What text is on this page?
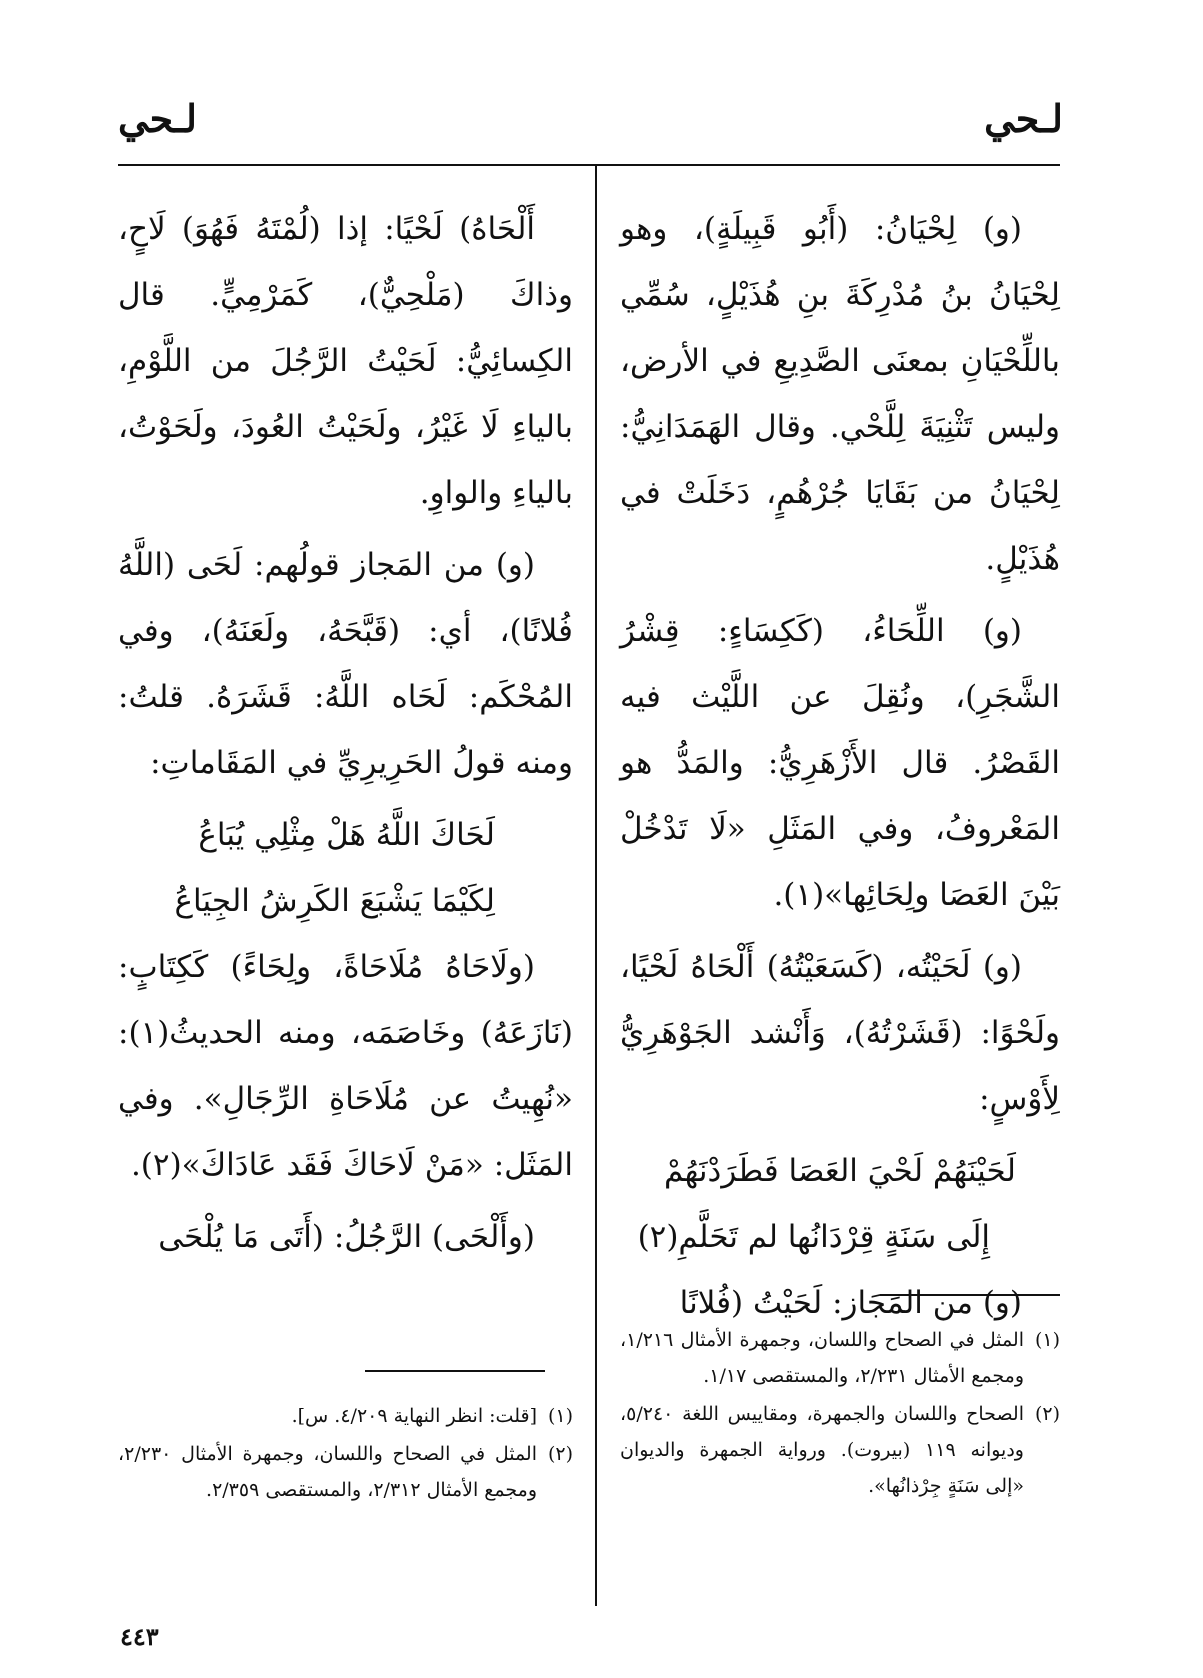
لـحي
لـحي

(و) لِحْيَانُ: (أَبُو قَبِيلَةٍ)، وهو لِحْيَانُ بنُ مُدْرِكَةَ بنِ هُذَيْلٍ، سُمِّي باللِّحْيَانِ بمعنَى الصَّدِيعِ في الأرض، وليس تَثْنِيَةَ لِلَّحْي. وقال الهَمَدَانِيُّ: لِحْيَانُ من بَقَايَا جُرْهُمٍ، دَخَلَتْ في هُذَيْلٍ.

(و) اللِّحَاءُ، (كَكِسَاءٍ: قِشْرُ الشَّجَرِ)، ونُقِلَ عن اللَّيْث فيه القَصْرُ. قال الأَزْهَرِيُّ: والمَدُّ هو المَعْروفُ، وفي المَثَلِ «لَا تَدْخُلْ بَيْنَ العَصَا ولِحَائِها»(١).

(و) لَحَيْتُه، (كَسَعَيْتُهُ) أَلْحَاهُ لَحْيًا، ولَحْوًا: (قَشَرْتُهُ)، وَأَنْشد الجَوْهَرِيُّ لِأَوْسٍ:

لَحَيْنَهُمْ لَحْيَ العَصَا فَطَرَدْنَهُمْ

إِلَى سَنَةٍ قِرْدَانُها لم تَحَلَّمِ(٢)

(و) من المَجَاز: لَحَيْتُ (فُلانًا

أَلْحَاهُ) لَحْيًا: إذا (لُمْتَهُ فَهُوَ) لَاحٍ، وذاكَ (مَلْحِيٌّ)، كَمَرْمِيٍّ. قال الكِسائِيُّ: لَحَيْتُ الرَّجُلَ من اللَّوْمِ، بالياءِ لَا غَيْرُ، ولَحَيْتُ العُودَ، ولَحَوْتُ، بالياءِ والواوِ.

(و) من المَجاز قولُهم: لَحَى (اللَّهُ فُلانًا)، أي: (قَبَّحَهُ، ولَعَنَهُ)، وفي المُحْكَم: لَحَاه اللَّهُ: قَشَرَهُ. قلتُ: ومنه قولُ الحَرِيرِيِّ في المَقَاماتِ:

لَحَاكَ اللَّهُ هَلْ مِثْلِي يُبَاعُ

لِكَيْمَا يَشْبَعَ الكَرِشُ الجِيَاعُ

(ولَاحَاهُ مُلَاحَاةً، ولِحَاءً) كَكِتَابٍ: (نَازَعَهُ) وخَاصَمَه، ومنه الحديثُ(١): «نُهِيتُ عن مُلَاحَاةِ الرِّجَالِ». وفي المَثَل: «مَنْ لَاحَاكَ فَقَد عَادَاكَ»(٢).

(وأَلْحَى) الرَّجُلُ: (أَتَى مَا يُلْحَى

(١)
المثل في الصحاح واللسان، وجمهرة الأمثال ١/٢١٦، ومجمع الأمثال ٢/٢٣١، والمستقصى ١/١٧.
(٢)
الصحاح واللسان والجمهرة، ومقاييس اللغة ٥/٢٤٠، وديوانه ١١٩ (بيروت). ورواية الجمهرة والديوان «إلى سَنَةٍ جِرْذانُها».
(١)
[قلت: انظر النهاية ٤/٢٠٩. س].
(٢)
المثل في الصحاح واللسان، وجمهرة الأمثال ٢/٢٣٠، ومجمع الأمثال ٢/٣١٢، والمستقصى ٢/٣٥٩.
٤٤٣
